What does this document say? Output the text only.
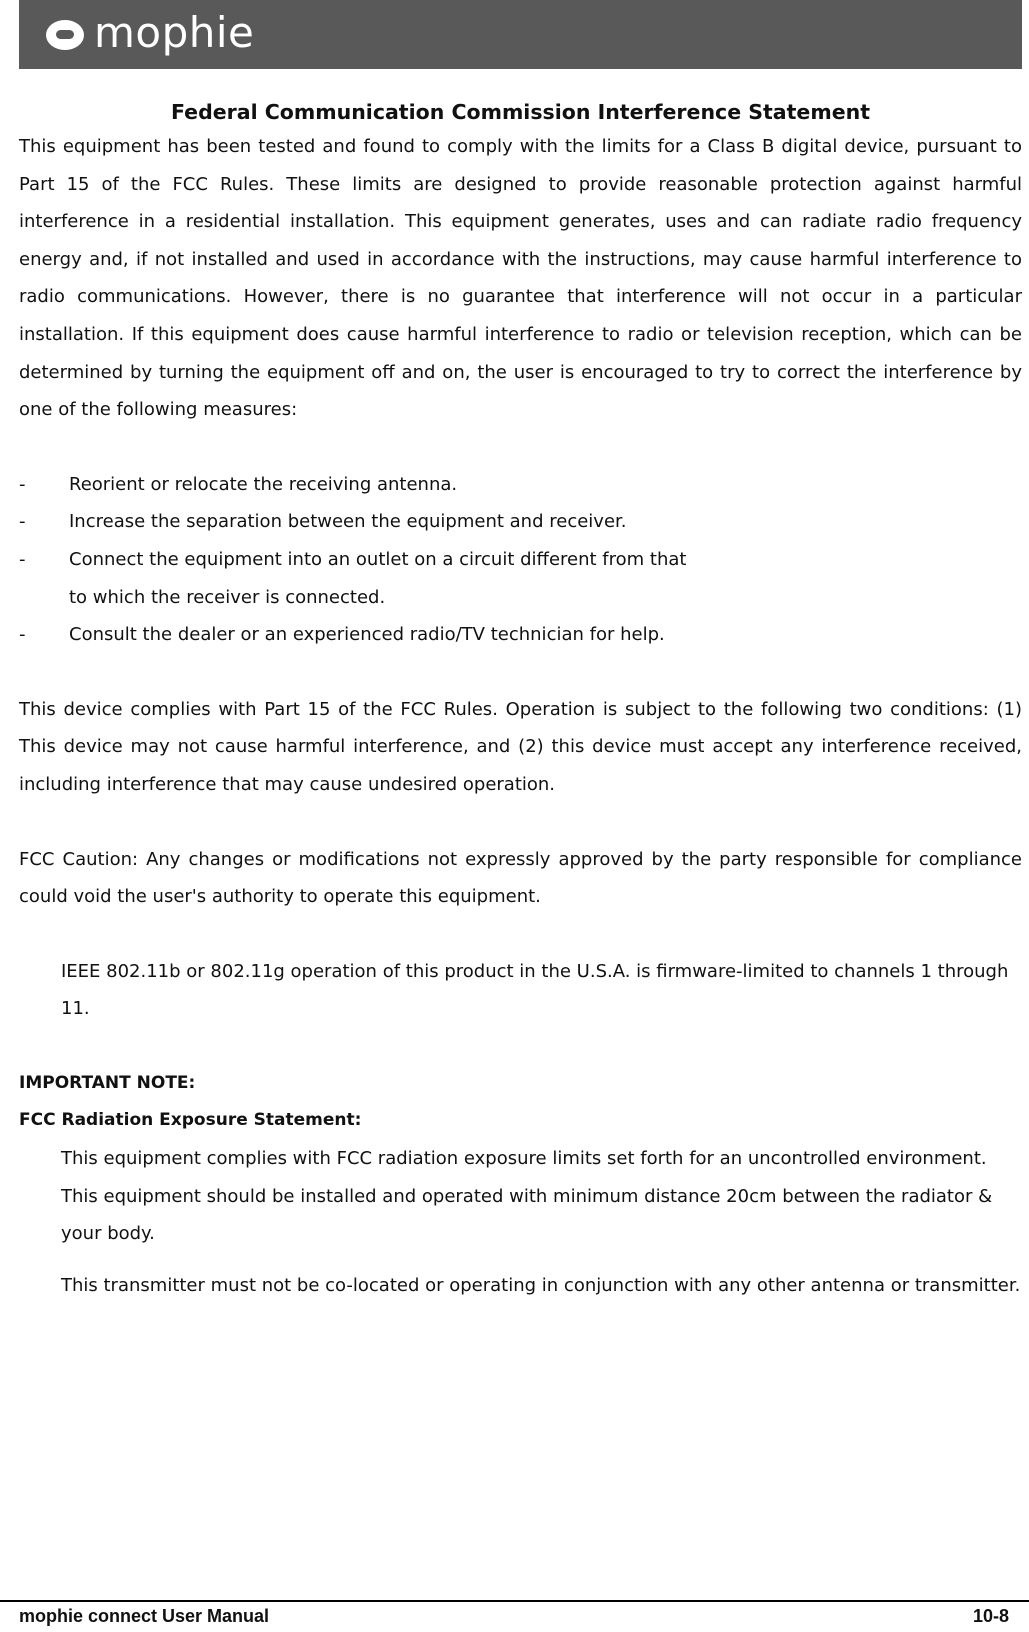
mophie
Federal Communication Commission Interference Statement

This equipment has been tested and found to comply with the limits for a Class B digital device, pursuant to Part 15 of the FCC Rules. These limits are designed to provide reasonable protection against harmful interference in a residential installation. This equipment generates, uses and can radiate radio frequency energy and, if not installed and used in accordance with the instructions, may cause harmful interference to radio communications. However, there is no guarantee that interference will not occur in a particular installation. If this equipment does cause harmful interference to radio or television reception, which can be determined by turning the equipment off and on, the user is encouraged to try to correct the interference by one of the following measures:

- Reorient or relocate the receiving antenna.
- Increase the separation between the equipment and receiver.
- Connect the equipment into an outlet on a circuit different from that
to which the receiver is connected.
- Consult the dealer or an experienced radio/TV technician for help.

This device complies with Part 15 of the FCC Rules. Operation is subject to the following two conditions: (1) This device may not cause harmful interference, and (2) this device must accept any interference received, including interference that may cause undesired operation.

FCC Caution: Any changes or modifications not expressly approved by the party responsible for compliance could void the user's authority to operate this equipment.

IEEE 802.11b or 802.11g operation of this product in the U.S.A. is firmware-limited to channels 1 through 11.

IMPORTANT NOTE:

FCC Radiation Exposure Statement:

This equipment complies with FCC radiation exposure limits set forth for an uncontrolled environment. This equipment should be installed and operated with minimum distance 20cm between the radiator & your body.

This transmitter must not be co-located or operating in conjunction with any other antenna or transmitter.

mophie connect User Manual	10-8
